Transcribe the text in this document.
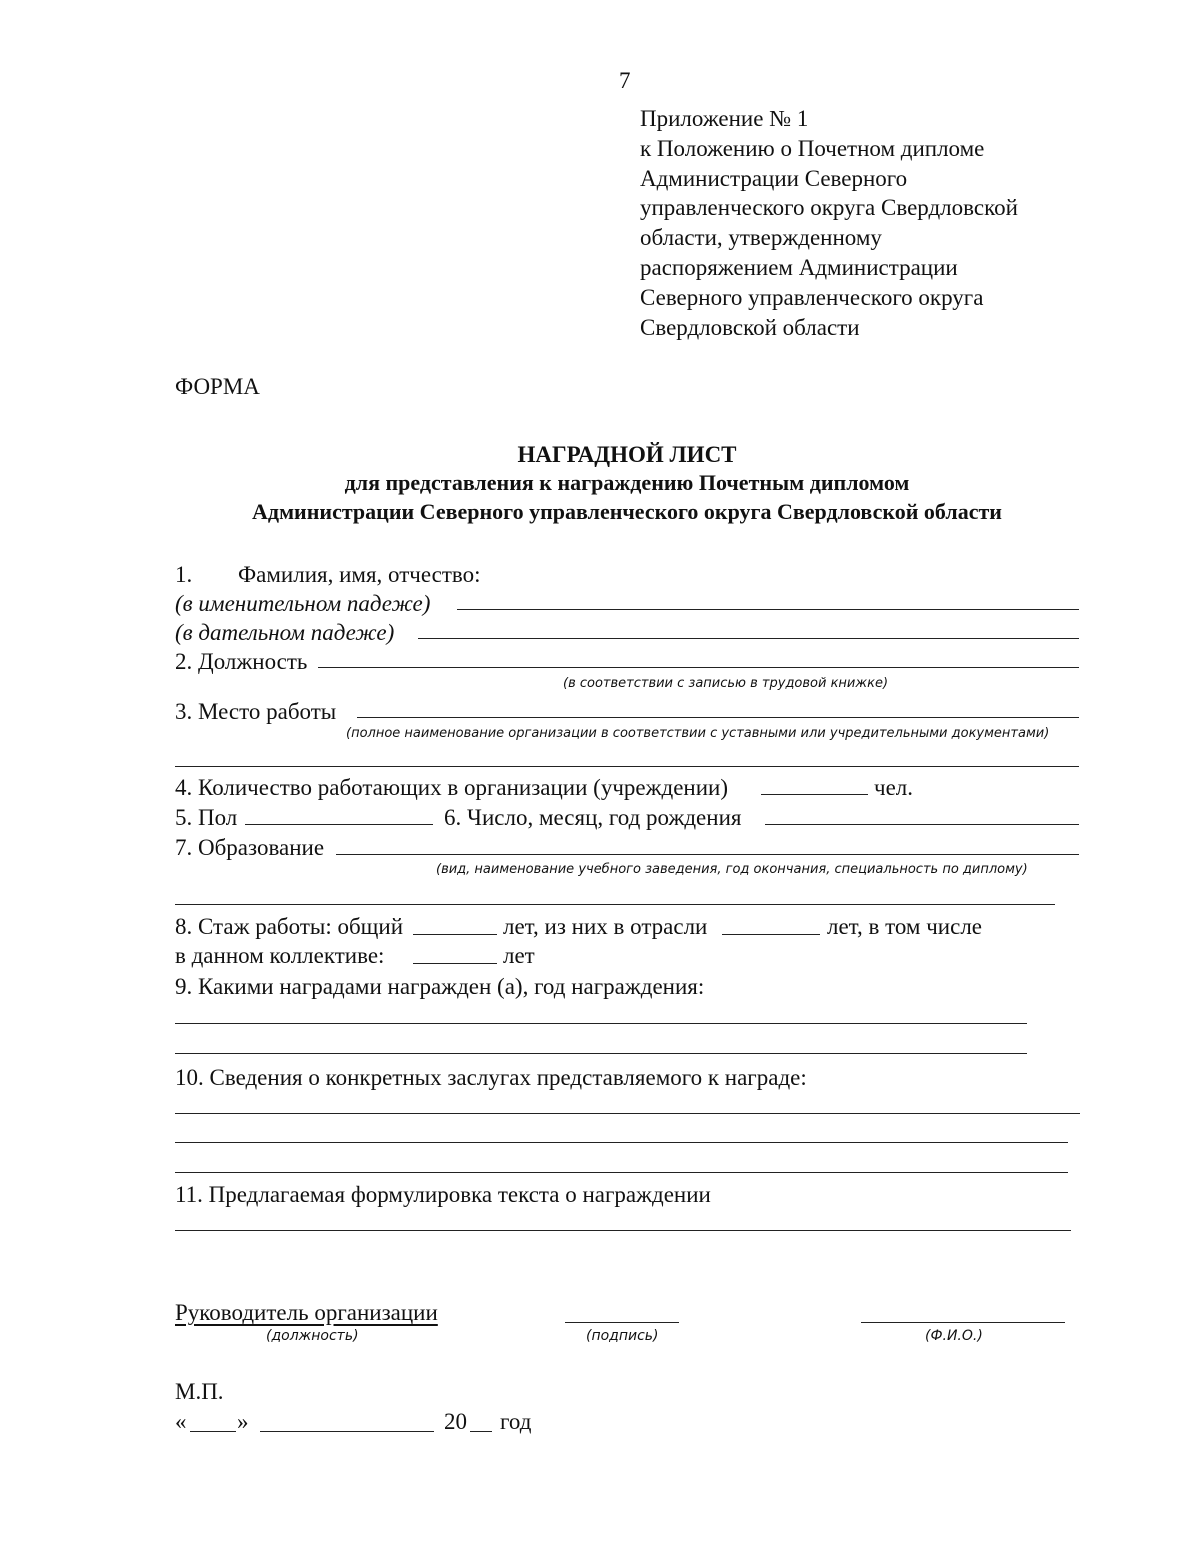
7
Приложение № 1
к Положению о Почетном дипломе
Администрации Северного
управленческого округа Свердловской
области, утвержденному
распоряжением Администрации
Северного управленческого округа
Свердловской области
ФОРМА
НАГРАДНОЙ ЛИСТ
для представления к награждению Почетным дипломом
Администрации Северного управленческого округа Свердловской области
1. Фамилия, имя, отчество:
(в именительном падеже)
(в дательном падеже)
2. Должность
(в соответствии с записью в трудовой книжке)
3. Место работы
(полное наименование организации в соответствии с уставными или учредительными документами)
4. Количество работающих в организации (учреждении)	чел.
5. Пол	6. Число, месяц, год рождения
7. Образование
(вид, наименование учебного заведения, год окончания, специальность по диплому)
8. Стаж работы: общий	лет, из них в отрасли	лет, в том числе
в данном коллективе:	лет
9. Какими наградами награжден (а), год награждения:
10. Сведения о конкретных заслугах представляемого к награде:
11. Предлагаемая формулировка текста о награждении
Руководитель организации
(должность)	(подпись)	(Ф.И.О.)
М.П.
« »	20 год
